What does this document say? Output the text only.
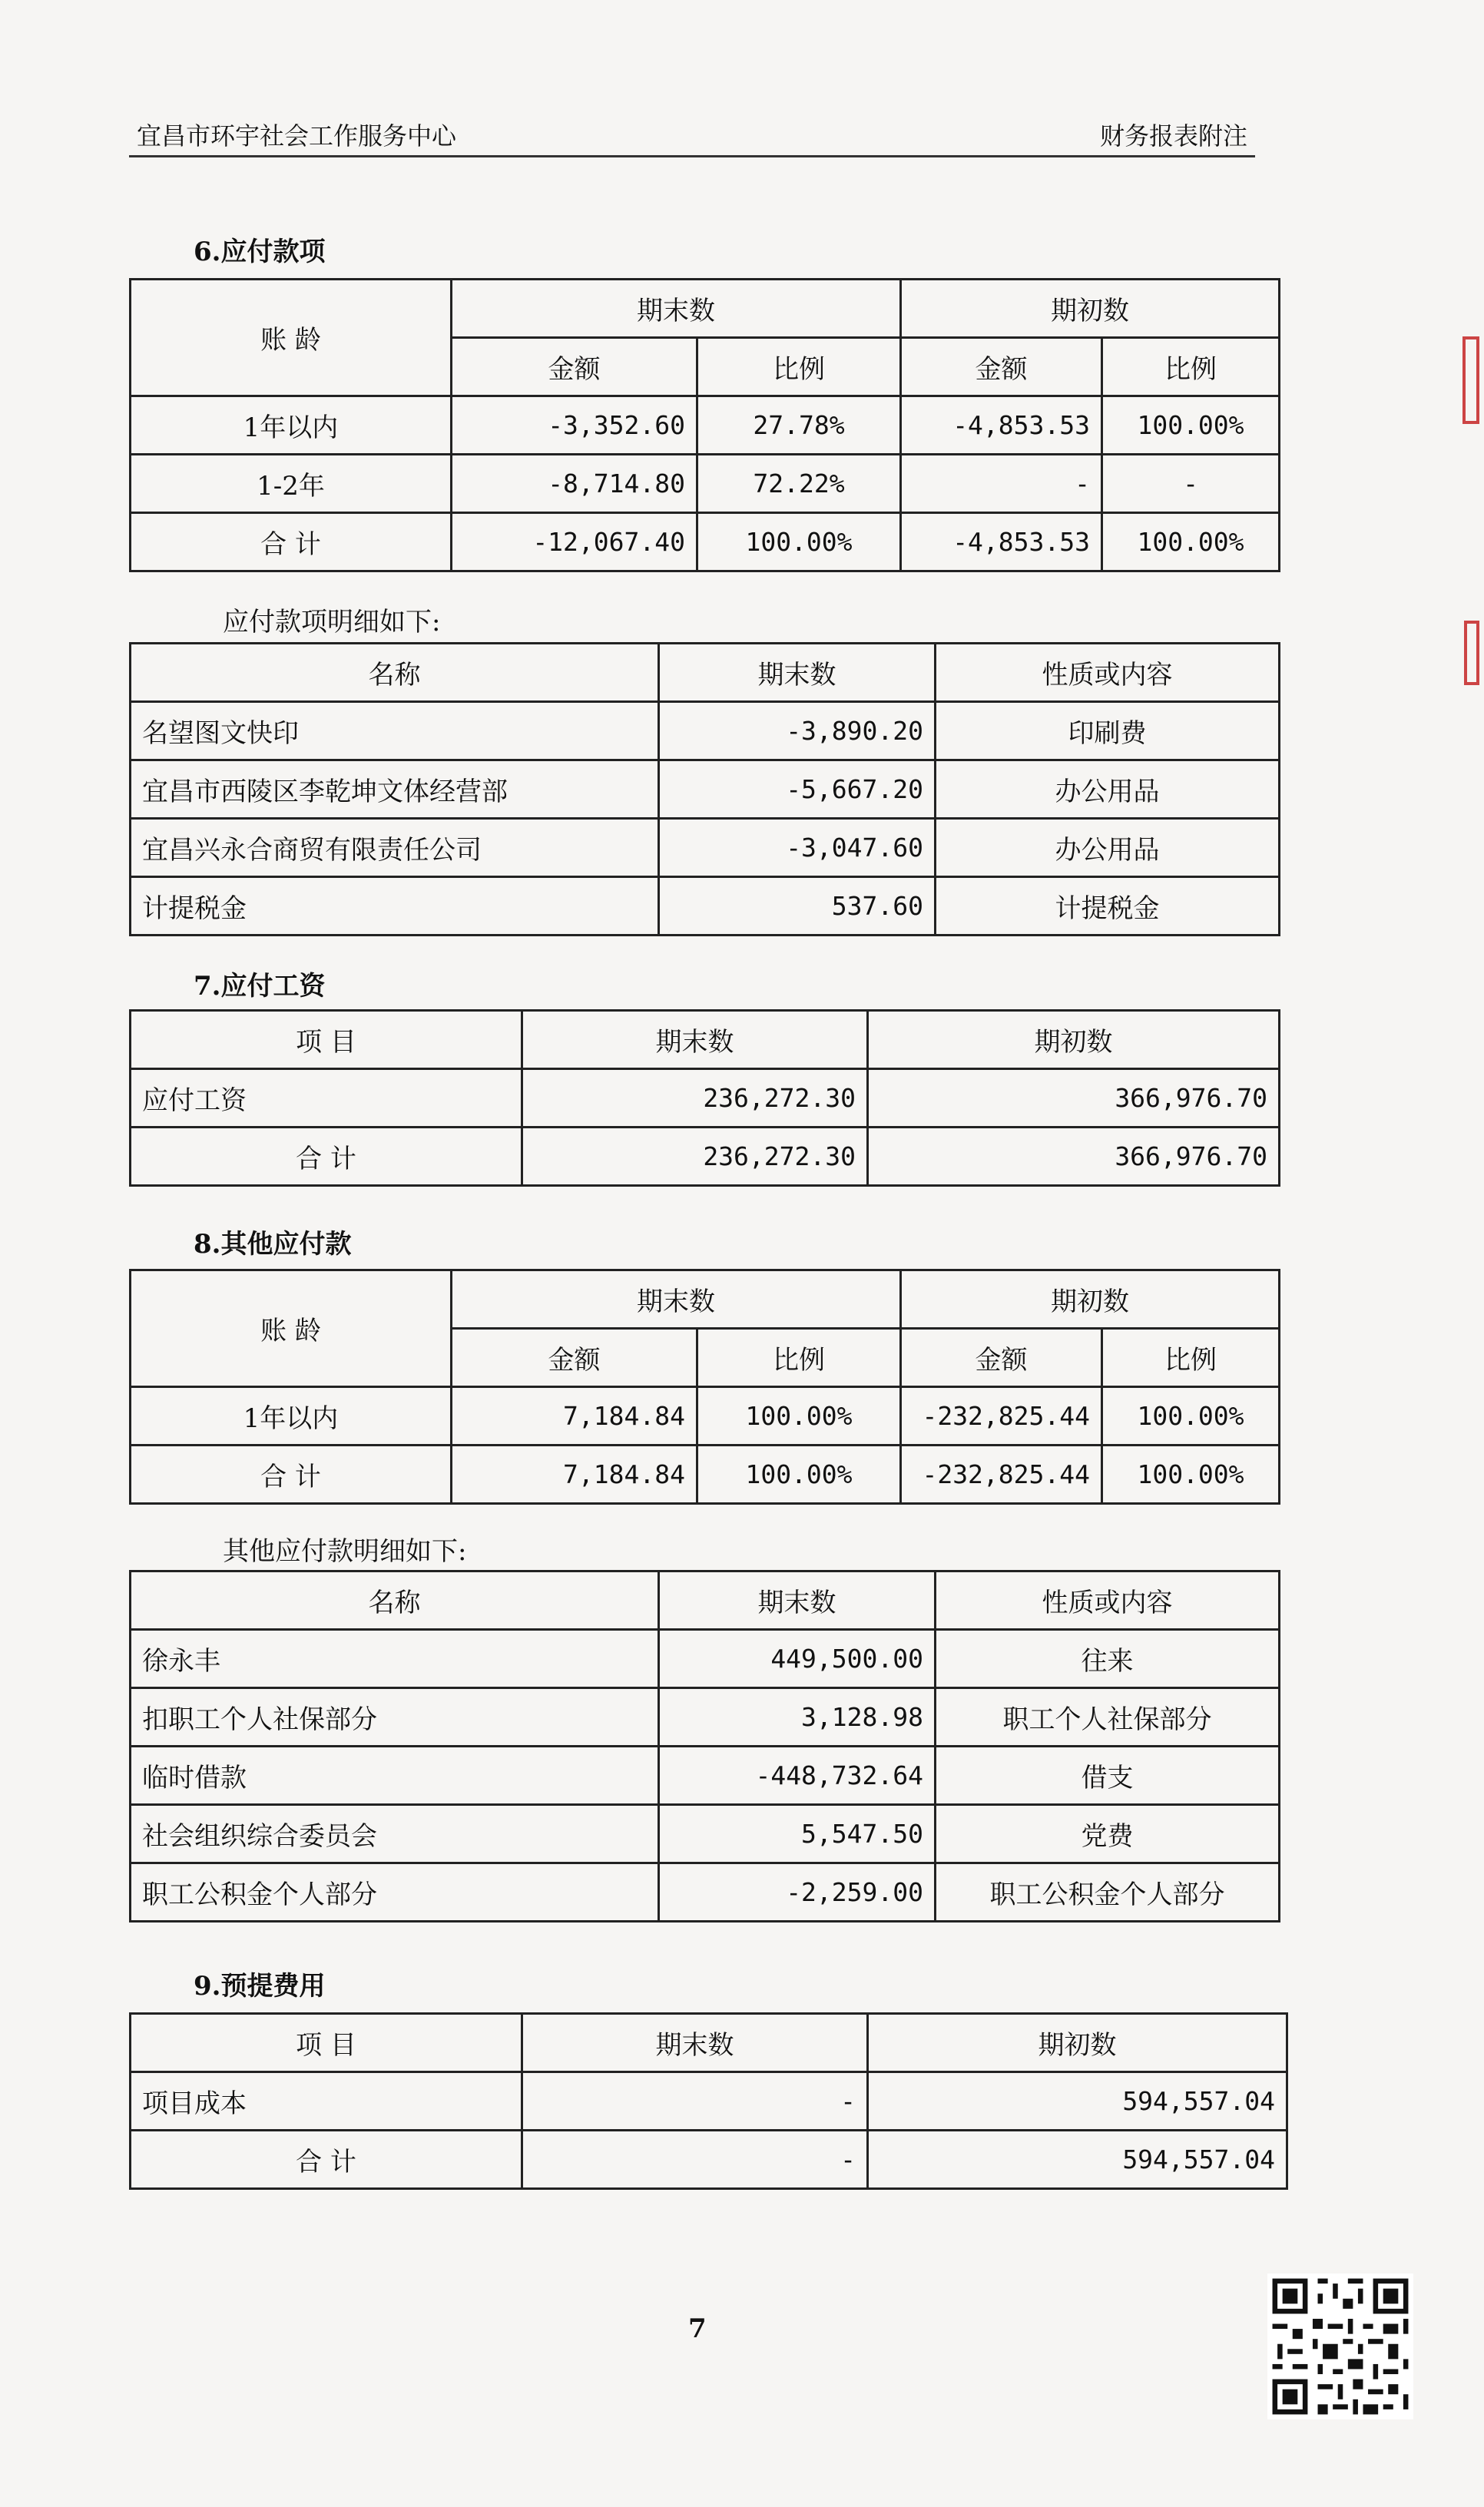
宜昌市环宇社会工作服务中心	财务报表附注
6.应付款项
账 龄	期末数		期初数	
	金额	比例	金额	比例
1年以内	-3,352.60	27.78%	-4,853.53	100.00%
1-2年	-8,714.80	72.22%	-	-
合 计	-12,067.40	100.00%	-4,853.53	100.00%
应付款项明细如下:
名称	期末数	性质或内容
名望图文快印	-3,890.20	印刷费
宜昌市西陵区李乾坤文体经营部	-5,667.20	办公用品
宜昌兴永合商贸有限责任公司	-3,047.60	办公用品
计提税金	537.60	计提税金
7.应付工资
项 目	期末数	期初数
应付工资	236,272.30	366,976.70
合 计	236,272.30	366,976.70
8.其他应付款
账 龄	期末数		期初数	
	金额	比例	金额	比例
1年以内	7,184.84	100.00%	-232,825.44	100.00%
合 计	7,184.84	100.00%	-232,825.44	100.00%
其他应付款明细如下:
名称	期末数	性质或内容
徐永丰	449,500.00	往来
扣职工个人社保部分	3,128.98	职工个人社保部分
临时借款	-448,732.64	借支
社会组织综合委员会	5,547.50	党费
职工公积金个人部分	-2,259.00	职工公积金个人部分
9.预提费用
项 目	期末数	期初数
项目成本	-	594,557.04
合 计	-	594,557.04
7
